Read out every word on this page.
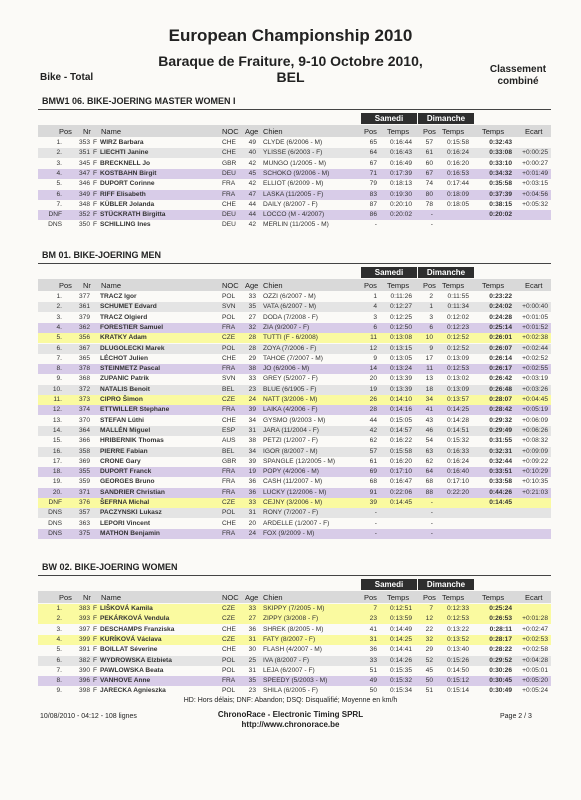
European Championship 2010
Baraque de Fraiture, 9-10 Octobre 2010,
BEL
Bike - Total
Classement
combiné
BMW1 06. BIKE-JOERING MASTER WOMEN I
Samedi	Dimanche
Pos Nr Name	NOC Age Chien	Pos Temps Pos Temps Temps	Ecart
1.	353 F WIRZ Barbara	CHE	49 CLYDE (6/2006 - M)	65	0:16:44	57	0:15:58	0:32:43
2.	351 F LIECHTI Janine	CHE	40 YLISSE (6/2003 - F)	64	0:16:43	61	0:16:24	0:33:08	+0:00:25
3.	345 F BRECKNELL Jo	GBR	42 MUNGO (1/2005 - M)	67	0:16:49	60	0:16:20	0:33:10	+0:00:27
4.	347 F KOSTBAHN Birgit	DEU	45 SCHOKO (9/2006 - M)	71	0:17:39	67	0:16:53	0:34:32	+0:01:49
5.	346 F DUPORT Corinne	FRA	42 ELLIOT (6/2009 - M)	79	0:18:13	74	0:17:44	0:35:58	+0:03:15
6.	349 F RIFF Elisabeth	FRA	47 LASKA (11/2005 - F)	83	0:19:30	80	0:18:09	0:37:39	+0:04:56
7.	348 F KÜBLER Jolanda	CHE	44 DAILY (8/2007 - F)	87	0:20:10	78	0:18:05	0:38:15	+0:05:32
DNF	352 F STÜCKRATH Birgitta	DEU	44 LOCCO (M - 4/2007)	86	0:20:02	-	0:20:02
DNS	350 F SCHILLING Ines	DEU	42 MERLIN (11/2005 - M)	-	-
BM 01. BIKE-JOERING MEN
Samedi	Dimanche
Pos Nr Name	NOC Age Chien	Pos Temps Pos Temps Temps	Ecart
1.	377 TRACZ Igor	POL	33 OZZI (6/2007 - M)	1	0:11:26	2	0:11:55	0:23:22
2.	361 SCHUMET Edvard	SVN	35 VATA (6/2007 - M)	4	0:12:27	1	0:11:34	0:24:02	+0:00:40
3.	379 TRACZ Olgierd	POL	27 DODA (7/2008 - F)	3	0:12:25	3	0:12:02	0:24:28	+0:01:05
4.	362 FORESTIER Samuel	FRA	32 ZIA (9/2007 - F)	6	0:12:50	6	0:12:23	0:25:14	+0:01:52
5.	356 KRATKY Adam	CZE	28 TUTTI (F - 6/2008)	11	0:13:08	10	0:12:52	0:26:01	+0:02:38
6.	367 DLUGOLECKI Marek	POL	28 ZOYA (7/2006 - F)	12	0:13:15	9	0:12:52	0:26:07	+0:02:44
7.	365 LÉCHOT Julien	CHE	29 TAHOE (7/2007 - M)	9	0:13:05	17	0:13:09	0:26:14	+0:02:52
8.	378 STEINMETZ Pascal	FRA	38 JO (6/2006 - M)	14	0:13:24	11	0:12:53	0:26:17	+0:02:55
9.	368 ZUPANIC Patrik	SVN	33 GREY (5/2007 - F)	20	0:13:39	13	0:13:02	0:26:42	+0:03:19
10.	372 NATALIS Benoit	BEL	23 BLUE (6/1905 - F)	19	0:13:39	18	0:13:09	0:26:48	+0:03:26
11.	373 CIPRO Šimon	CZE	24 NATT (3/2006 - M)	26	0:14:10	34	0:13:57	0:28:07	+0:04:45
12.	374 ETTWILLER Stephane	FRA	39 LAIKA (4/2006 - F)	28	0:14:16	41	0:14:25	0:28:42	+0:05:19
13.	370 STEFAN Lüthi	CHE	34 GYSMO (9/2003 - M)	44	0:15:05	43	0:14:28	0:29:32	+0:06:09
14.	364 MALLÉN Miguel	ESP	31 JARA (11/2004 - F)	42	0:14:57	46	0:14:51	0:29:49	+0:06:26
15.	366 HRIBERNIK Thomas	AUS	38 PETZI (1/2007 - F)	62	0:16:22	54	0:15:32	0:31:55	+0:08:32
16.	358 PIERRE Fabian	BEL	34 IGOR (8/2007 - M)	57	0:15:58	63	0:16:33	0:32:31	+0:09:09
17.	369 CRONE Gary	GBR	39 SPANGLE (12/2005 - M)	61	0:16:20	62	0:16:24	0:32:44	+0:09:22
18.	355 DUPORT Franck	FRA	19 POPY (4/2006 - M)	69	0:17:10	64	0:16:40	0:33:51	+0:10:29
19.	359 GEORGES Bruno	FRA	36 CASH (11/2007 - M)	68	0:16:47	68	0:17:10	0:33:58	+0:10:35
20.	371 SANDRIER Christian	FRA	36 LUCKY (12/2006 - M)	91	0:22:06	88	0:22:20	0:44:26	+0:21:03
DNF	376 ŠEFRNA Michal	CZE	33 CEJNY (3/2006 - M)	39	0:14:45	-	0:14:45
DNS	357 PACZYNSKI Lukasz	POL	31 RONY (7/2007 - F)	-	-
DNS	363 LEPORI Vincent	CHE	20 ARDELLE (1/2007 - F)	-	-
DNS	375 MATHON Benjamin	FRA	24 FOX (9/2009 - M)	-	-
BW 02. BIKE-JOERING WOMEN
Samedi	Dimanche
Pos Nr Name	NOC Age Chien	Pos Temps Pos Temps Temps	Ecart
1.	383 F LIŠKOVÁ Kamila	CZE	33 SKIPPY (7/2005 - M)	7	0:12:51	7	0:12:33	0:25:24
2.	393 F PEKÁRKOVÁ Vendula	CZE	27 ZIPPY (3/2008 - F)	23	0:13:59	12	0:12:53	0:26:53	+0:01:28
3.	397 F DESCHAMPS Franziska	CHE	36 SHREK (8/2005 - M)	41	0:14:49	22	0:13:22	0:28:11	+0:02:47
4.	399 F KURÍKOVÁ Václava	CZE	31 FATY (8/2007 - F)	31	0:14:25	32	0:13:52	0:28:17	+0:02:53
5.	391 F BOILLAT Séverine	CHE	30 FLASH (4/2007 - M)	36	0:14:41	29	0:13:40	0:28:22	+0:02:58
6.	382 F WYDROWSKA Elzbieta	POL	25 IVA (8/2007 - F)	33	0:14:26	52	0:15:26	0:29:52	+0:04:28
7.	390 F PAWLOWSKA Beata	POL	31 LEJA (6/2007 - F)	51	0:15:35	45	0:14:50	0:30:26	+0:05:01
8.	396 F VANHOVE Anne	FRA	35 SPEEDY (5/2003 - M)	49	0:15:32	50	0:15:12	0:30:45	+0:05:20
9.	398 F JARECKA Agnieszka	POL	23 SHILA (6/2005 - F)	50	0:15:34	51	0:15:14	0:30:49	+0:05:24
HD: Hors délais; DNF: Abandon; DSQ: Disqualifié; Moyenne en km/h
10/08/2010 - 04:12 - 108 lignes	ChronoRace - Electronic Timing SPRL
http://www.chronorace.be
Page 2 / 3
